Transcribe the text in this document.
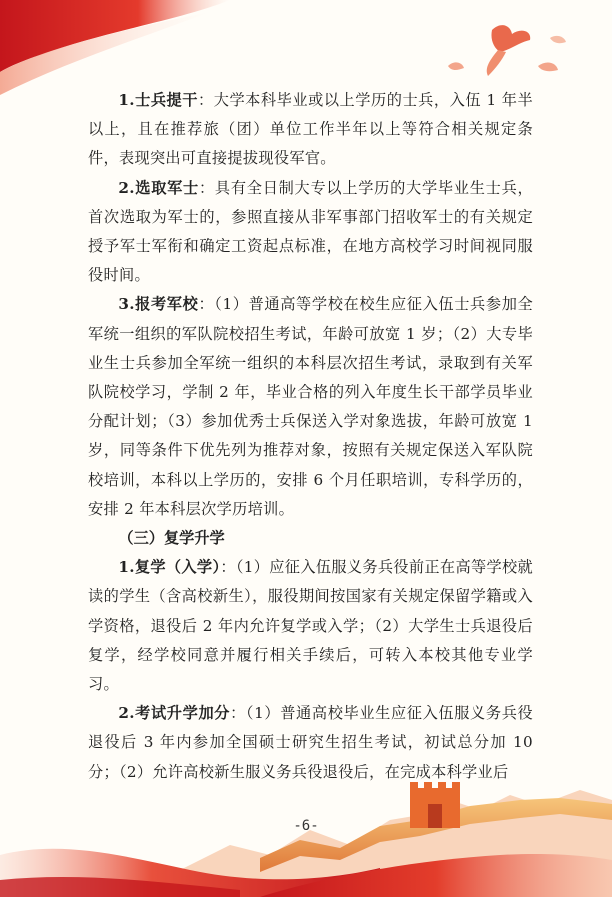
1.士兵提干：大学本科毕业或以上学历的士兵，入伍 1 年半以上，且在推荐旅（团）单位工作半年以上等符合相关规定条件，表现突出可直接提拔现役军官。

2.选取军士：具有全日制大专以上学历的大学毕业生士兵，首次选取为军士的，参照直接从非军事部门招收军士的有关规定授予军士军衔和确定工资起点标准，在地方高校学习时间视同服役时间。

3.报考军校：（1）普通高等学校在校生应征入伍士兵参加全军统一组织的军队院校招生考试，年龄可放宽 1 岁；（2）大专毕业生士兵参加全军统一组织的本科层次招生考试，录取到有关军队院校学习，学制 2 年，毕业合格的列入年度生长干部学员毕业分配计划；（3）参加优秀士兵保送入学对象选拔，年龄可放宽 1 岁，同等条件下优先列为推荐对象，按照有关规定保送入军队院校培训，本科以上学历的，安排 6 个月任职培训，专科学历的，安排 2 年本科层次学历培训。

（三）复学升学

1.复学（入学）：（1）应征入伍服义务兵役前正在高等学校就读的学生（含高校新生），服役期间按国家有关规定保留学籍或入学资格，退役后 2 年内允许复学或入学；（2）大学生士兵退役后复学，经学校同意并履行相关手续后，可转入本校其他专业学习。

2.考试升学加分：（1）普通高校毕业生应征入伍服义务兵役退役后 3 年内参加全国硕士研究生招生考试，初试总分加 10 分；（2）允许高校新生服义务兵役退役后，在完成本科学业后

-6-
